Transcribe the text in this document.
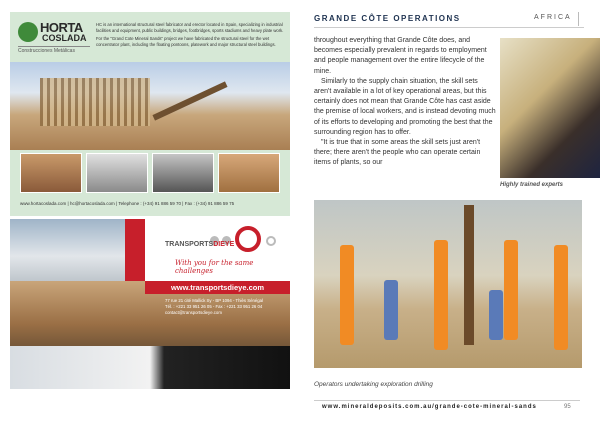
HORTA
COSLADA
Construcciones Metálicas

HC is an international structural steel fabricator and erector located in Spain, specializing in industrial facilities and equipment, public buildings, bridges, footbridges, sports stadiums and heavy plate work.

For the "Grand Cote Mineral Sands" project we have fabricated the structural steel for the wet concentrator plant, including the floating pontoons, platework and major structural steel buildings.

www.hortacoslada.com | hc@hortacoslada.com | Telephone : (+34) 91 886 59 70 | Fax : (+34) 91 886 59 75
TRANSPORTSDIEYE
With you for the same challenges
www.transportsdieye.com
77 rue 21 cité Mallick Sy - BP 1094 - Thiès Sénégal
Tél. : +221 33 951 26 05 - Fax : +221 33 951 26 04
contact@transportsdieye.com
GRANDE CÔTE OPERATIONS	AFRICA

throughout everything that Grande Côte does, and becomes especially prevalent in regards to employment and people management over the entire lifecycle of the mine.

Similarly to the supply chain situation, the skill sets aren't available in a lot of key operational areas, but this certainly does not mean that Grande Côte has cast aside the premise of local workers, and is instead devoting much of its efforts to developing and promoting the best that the surrounding region has to offer.

"It is true that in some areas the skill sets just aren't there; there aren't the people who can operate certain items of plants, so our

Highly trained experts
Operators undertaking exploration drilling
www.mineraldeposits.com.au/grande-cote-mineral-sands	95
